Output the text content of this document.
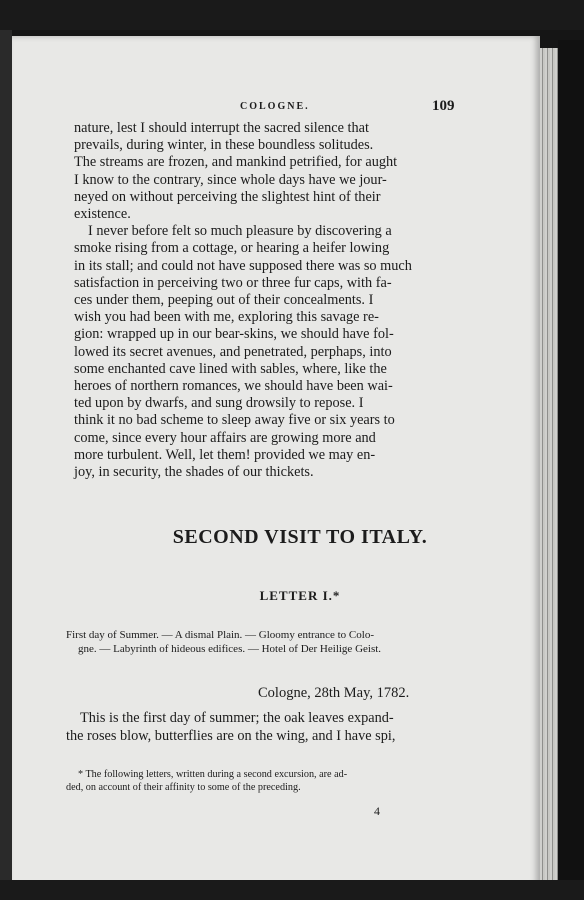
COLOGNE.	109

nature, lest I should interrupt the sacred silence that

prevails, during winter, in these boundless solitudes.

The streams are frozen, and mankind petrified, for aught

I know to the contrary, since whole days have we jour-

neyed on without perceiving the slightest hint of their

existence.

I never before felt so much pleasure by discovering a

smoke rising from a cottage, or hearing a heifer lowing

in its stall; and could not have supposed there was so much

satisfaction in perceiving two or three fur caps, with fa-

ces under them, peeping out of their concealments. I

wish you had been with me, exploring this savage re-

gion: wrapped up in our bear-skins, we should have fol-

lowed its secret avenues, and penetrated, perphaps, into

some enchanted cave lined with sables, where, like the

heroes of northern romances, we should have been wai-

ted upon by dwarfs, and sung drowsily to repose. I

think it no bad scheme to sleep away five or six years to

come, since every hour affairs are growing more and

more turbulent. Well, let them! provided we may en-

joy, in security, the shades of our thickets.

SECOND VISIT TO ITALY.
LETTER I.*
First day of Summer. — A dismal Plain. — Gloomy entrance to Colo-
gne. — Labyrinth of hideous edifices. — Hotel of Der Heilige Geist.
Cologne, 28th May, 1782.
This is the first day of summer; the oak leaves expand-
the roses blow, butterflies are on the wing, and I have spi,
* The following letters, written during a second excursion, are ad-
ded, on account of their affinity to some of the preceding.
4
